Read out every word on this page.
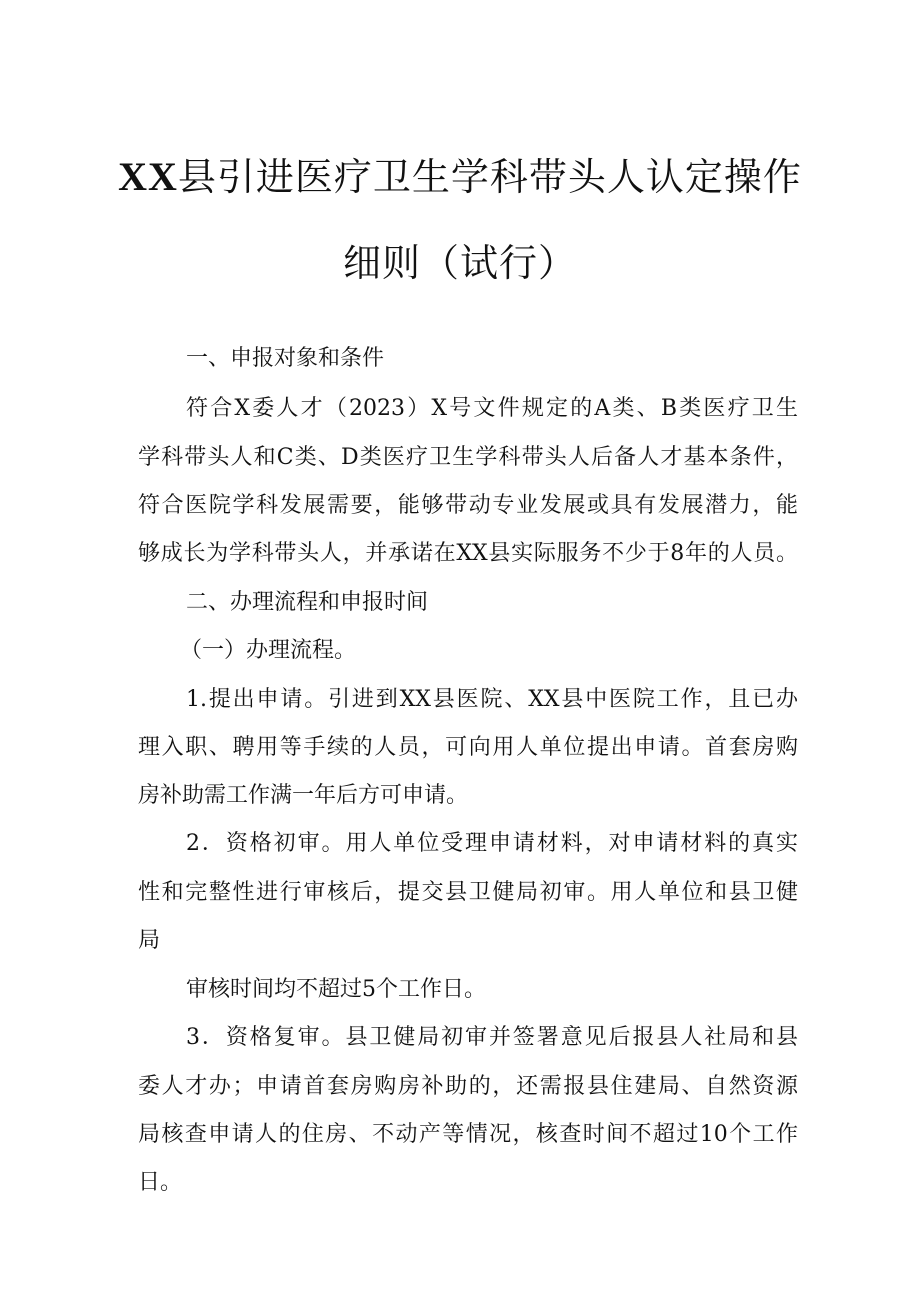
XX县引进医疗卫生学科带头人认定操作
细则（试行）

一、申报对象和条件

符合X委人才（2023）X号文件规定的A类、B类医疗卫生

学科带头人和C类、D类医疗卫生学科带头人后备人才基本条件，

符合医院学科发展需要，能够带动专业发展或具有发展潜力，能

够成长为学科带头人，并承诺在XX县实际服务不少于8年的人员。

二、办理流程和申报时间

（一）办理流程。

1.提出申请。引进到XX县医院、XX县中医院工作，且已办

理入职、聘用等手续的人员，可向用人单位提出申请。首套房购

房补助需工作满一年后方可申请。

2．资格初审。用人单位受理申请材料，对申请材料的真实

性和完整性进行审核后，提交县卫健局初审。用人单位和县卫健

局

审核时间均不超过5个工作日。

3．资格复审。县卫健局初审并签署意见后报县人社局和县

委人才办；申请首套房购房补助的，还需报县住建局、自然资源

局核查申请人的住房、不动产等情况，核查时间不超过10个工作

日。
